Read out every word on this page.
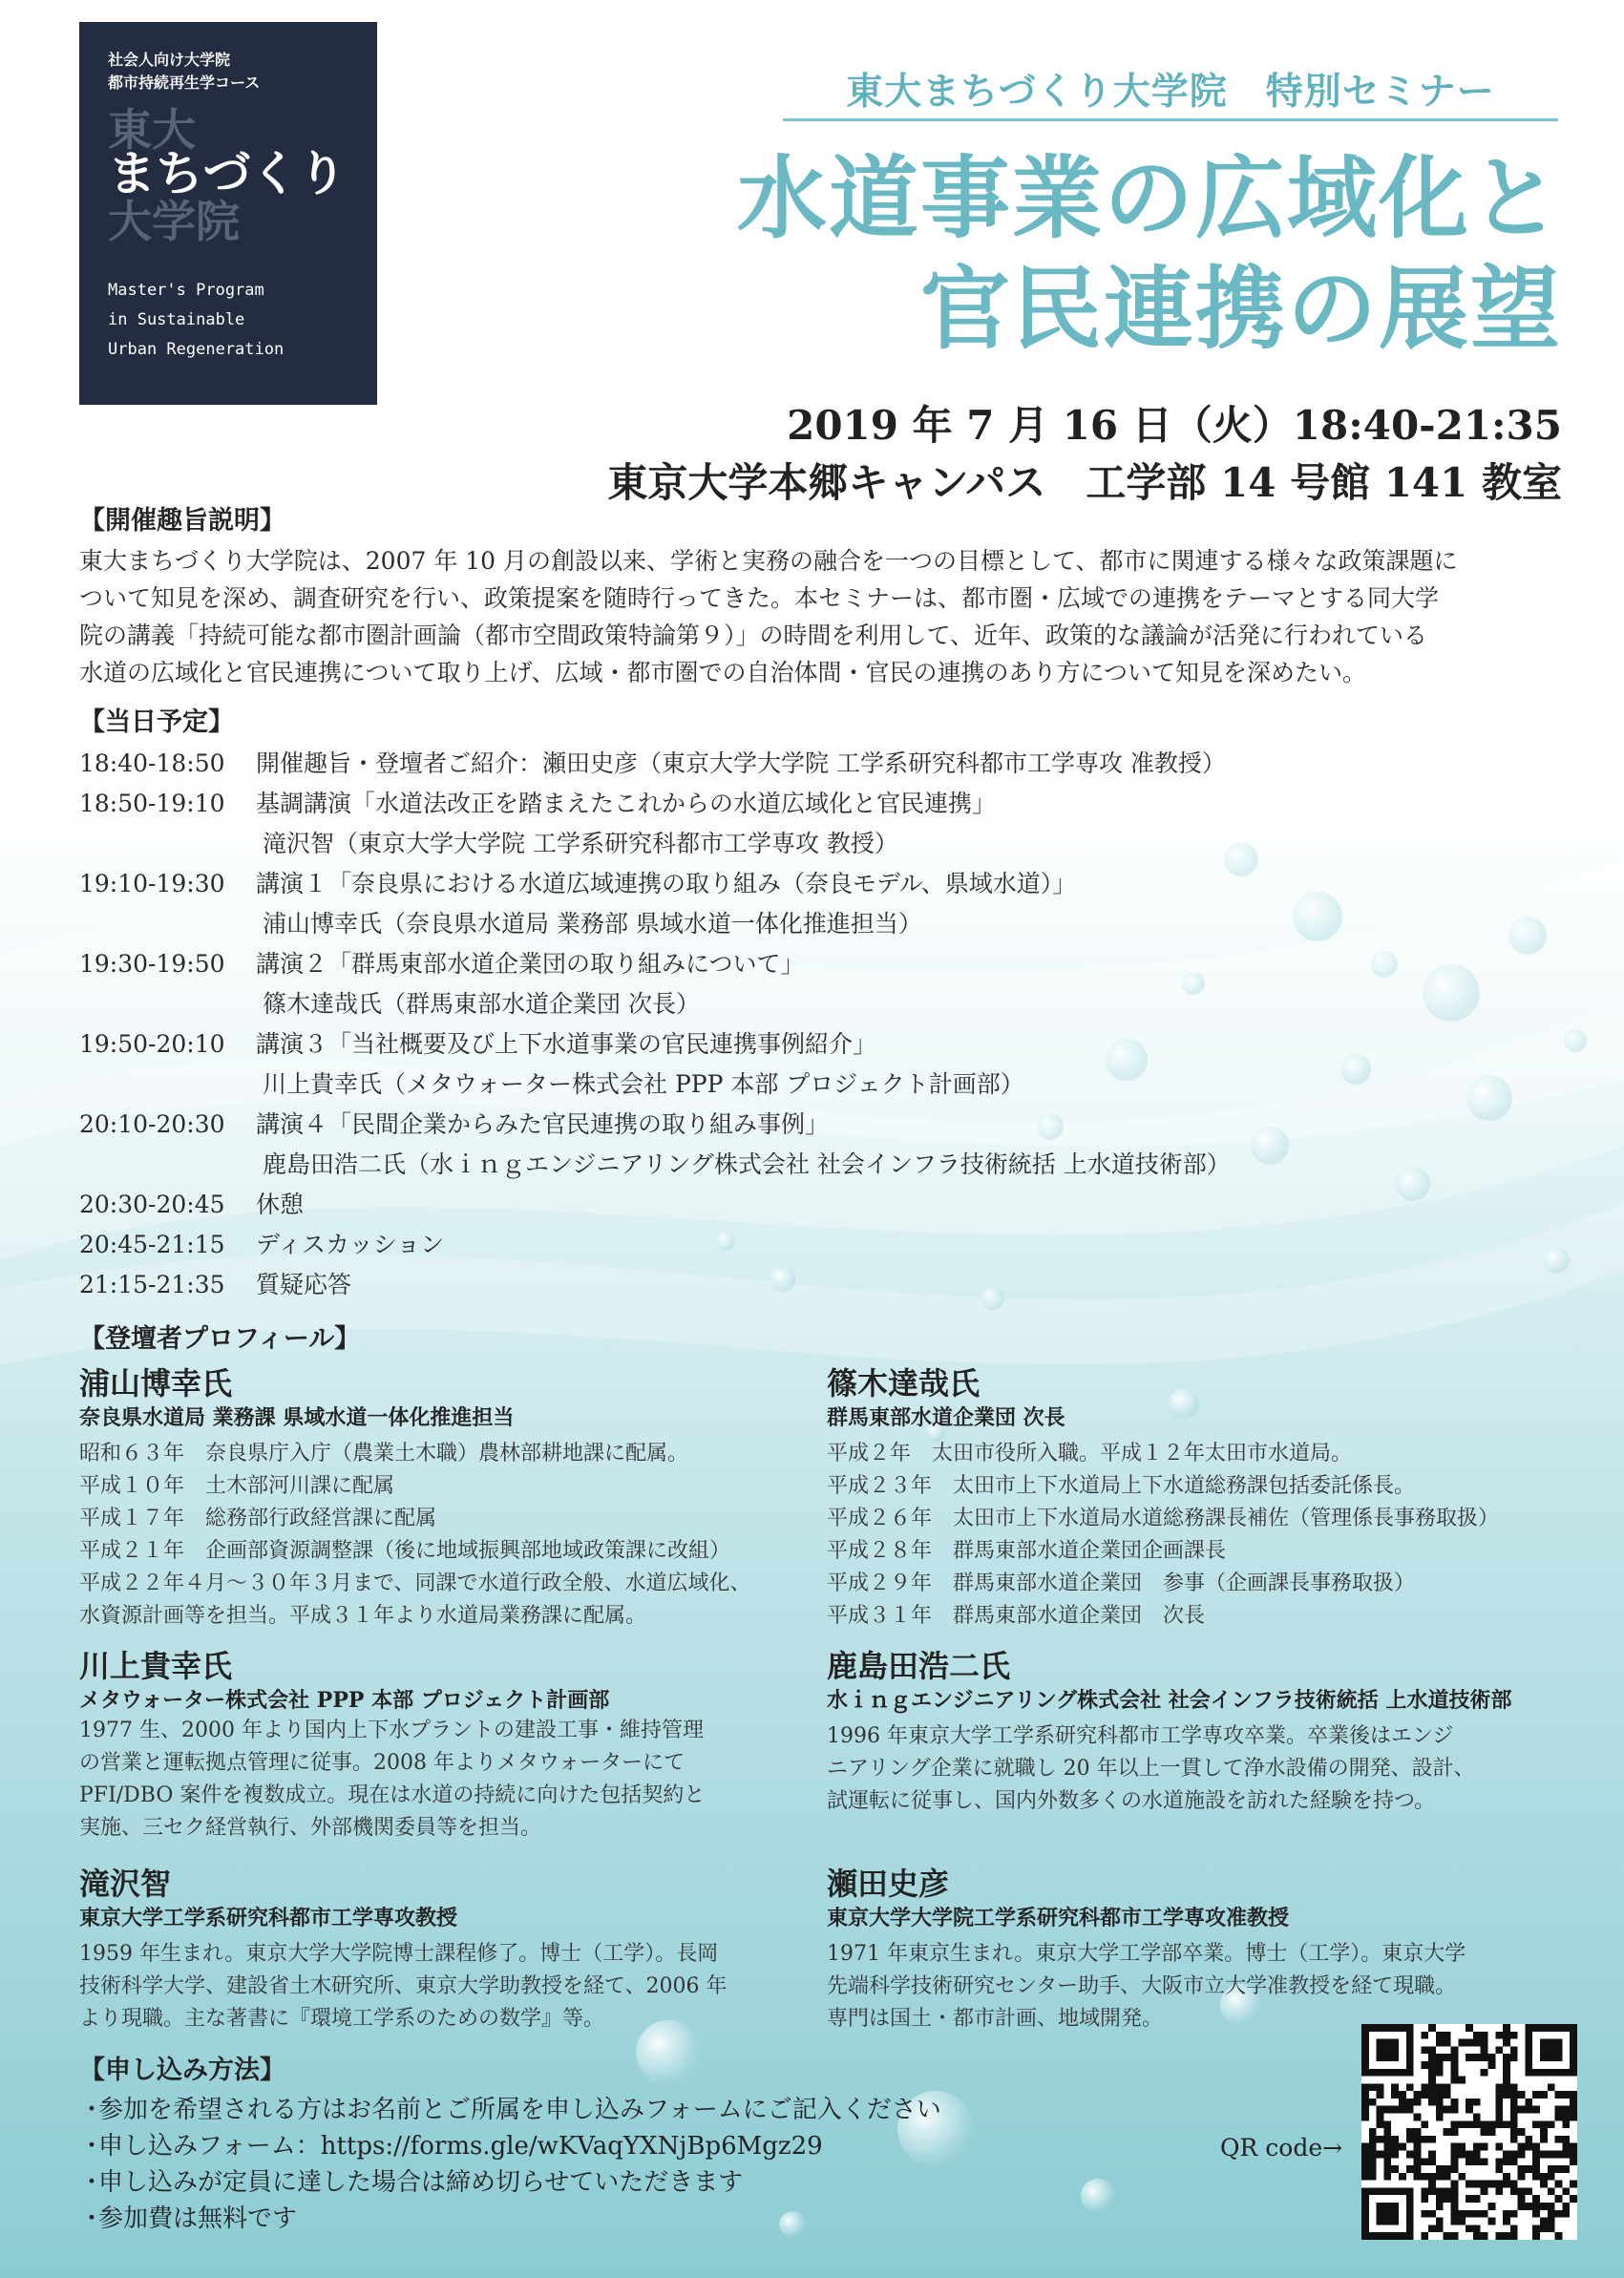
社会人向け大学院
都市持続再生学コース
東大
まちづくり
大学院
Master's Program
in Sustainable
Urban Regeneration
東大まちづくり大学院　特別セミナー
水道事業の広域化と
官民連携の展望
2019 年 7 月 16 日（火）18:40-21:35
東京大学本郷キャンパス　工学部 14 号館 141 教室
【開催趣旨説明】
東大まちづくり大学院は、2007 年 10 月の創設以来、学術と実務の融合を一つの目標として、都市に関連する様々な政策課題に
ついて知見を深め、調査研究を行い、政策提案を随時行ってきた。本セミナーは、都市圏・広域での連携をテーマとする同大学
院の講義「持続可能な都市圏計画論（都市空間政策特論第９）」の時間を利用して、近年、政策的な議論が活発に行われている
水道の広域化と官民連携について取り上げ、広域・都市圏での自治体間・官民の連携のあり方について知見を深めたい。
【当日予定】
18:40-18:50	開催趣旨・登壇者ご紹介：瀬田史彦（東京大学大学院 工学系研究科都市工学専攻 准教授）
18:50-19:10	基調講演「水道法改正を踏まえたこれからの水道広域化と官民連携」
滝沢智（東京大学大学院 工学系研究科都市工学専攻 教授）
19:10-19:30	講演１「奈良県における水道広域連携の取り組み（奈良モデル、県域水道）」
浦山博幸氏（奈良県水道局 業務部 県域水道一体化推進担当）
19:30-19:50	講演２「群馬東部水道企業団の取り組みについて」
篠木達哉氏（群馬東部水道企業団 次長）
19:50-20:10	講演３「当社概要及び上下水道事業の官民連携事例紹介」
川上貴幸氏（メタウォーター株式会社 PPP 本部 プロジェクト計画部）
20:10-20:30	講演４「民間企業からみた官民連携の取り組み事例」
鹿島田浩二氏（水ｉｎｇエンジニアリング株式会社 社会インフラ技術統括 上水道技術部）
20:30-20:45	休憩
20:45-21:15	ディスカッション
21:15-21:35	質疑応答
【登壇者プロフィール】
浦山博幸氏
奈良県水道局 業務課 県域水道一体化推進担当
昭和６３年　奈良県庁入庁（農業土木職）農林部耕地課に配属。
平成１０年　土木部河川課に配属
平成１７年　総務部行政経営課に配属
平成２１年　企画部資源調整課（後に地域振興部地域政策課に改組）
平成２２年４月～３０年３月まで、同課で水道行政全般、水道広域化、
水資源計画等を担当。平成３１年より水道局業務課に配属。
篠木達哉氏
群馬東部水道企業団 次長
平成２年　太田市役所入職。平成１２年太田市水道局。
平成２３年　太田市上下水道局上下水道総務課包括委託係長。
平成２６年　太田市上下水道局水道総務課長補佐（管理係長事務取扱）
平成２８年　群馬東部水道企業団企画課長
平成２９年　群馬東部水道企業団　参事（企画課長事務取扱）
平成３１年　群馬東部水道企業団　次長
川上貴幸氏
メタウォーター株式会社 PPP 本部 プロジェクト計画部
1977 生、2000 年より国内上下水プラントの建設工事・維持管理
の営業と運転拠点管理に従事。2008 年よりメタウォーターにて
PFI/DBO 案件を複数成立。現在は水道の持続に向けた包括契約と
実施、三セク経営執行、外部機関委員等を担当。
鹿島田浩二氏
水ｉｎｇエンジニアリング株式会社 社会インフラ技術統括 上水道技術部
1996 年東京大学工学系研究科都市工学専攻卒業。卒業後はエンジ
ニアリング企業に就職し 20 年以上一貫して浄水設備の開発、設計、
試運転に従事し、国内外数多くの水道施設を訪れた経験を持つ。
滝沢智
東京大学工学系研究科都市工学専攻教授
1959 年生まれ。東京大学大学院博士課程修了。博士（工学）。長岡
技術科学大学、建設省土木研究所、東京大学助教授を経て、2006 年
より現職。主な著書に『環境工学系のための数学』等。
瀬田史彦
東京大学大学院工学系研究科都市工学専攻准教授
1971 年東京生まれ。東京大学工学部卒業。博士（工学）。東京大学
先端科学技術研究センター助手、大阪市立大学准教授を経て現職。
専門は国土・都市計画、地域開発。
【申し込み方法】
・参加を希望される方はお名前とご所属を申し込みフォームにご記入ください
・申し込みフォーム：https://forms.gle/wKVaqYXNjBp6Mgz29
・申し込みが定員に達した場合は締め切らせていただきます
・参加費は無料です
QR code→
